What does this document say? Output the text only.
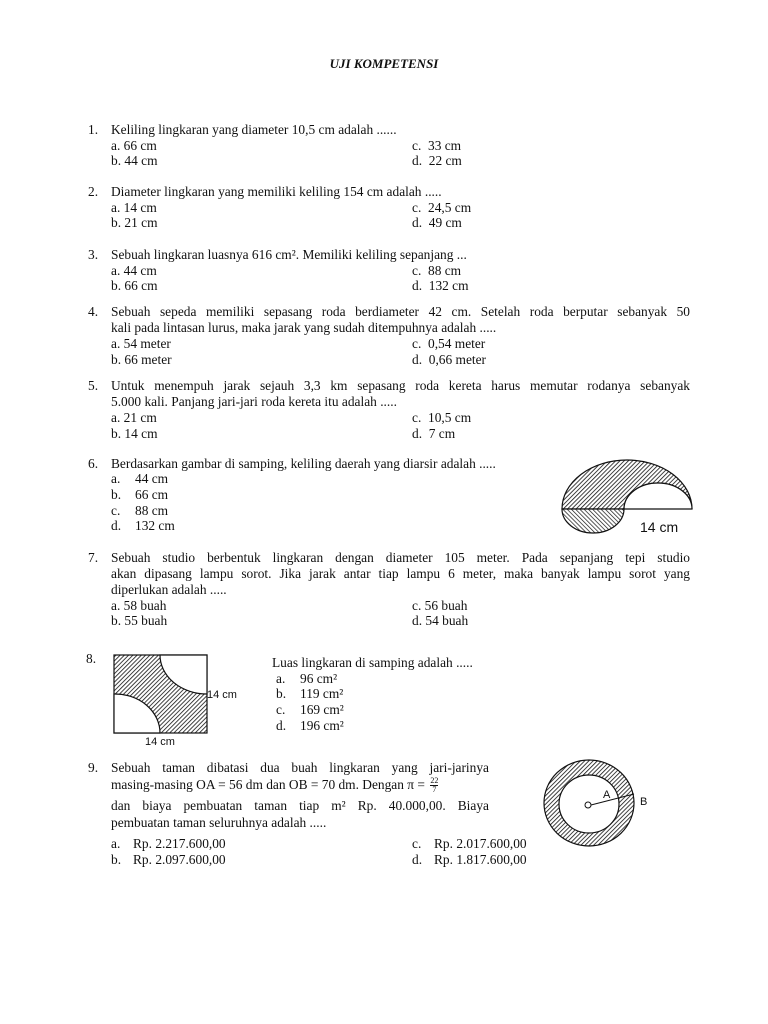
UJI KOMPETENSI
1. Keliling lingkaran yang diameter 10,5 cm adalah ......
a. 66 cm
b. 44 cm
c. 33 cm
d. 22 cm
2. Diameter lingkaran yang memiliki keliling 154 cm adalah .....
a. 14 cm
b. 21 cm
c. 24,5 cm
d. 49 cm
3. Sebuah lingkaran luasnya 616 cm². Memiliki keliling sepanjang ...
a. 44 cm
b. 66 cm
c. 88 cm
d. 132 cm
4. Sebuah sepeda memiliki sepasang roda berdiameter 42 cm. Setelah roda berputar sebanyak 50
kali pada lintasan lurus, maka jarak yang sudah ditempuhnya adalah .....
a. 54 meter
b. 66 meter
c. 0,54 meter
d. 0,66 meter
5. Untuk menempuh jarak sejauh 3,3 km sepasang roda kereta harus memutar rodanya sebanyak
5.000 kali. Panjang jari-jari roda kereta itu adalah .....
a. 21 cm
b. 14 cm
c. 10,5 cm
d. 7 cm
6. Berdasarkan gambar di samping, keliling daerah yang diarsir adalah .....
a. 44 cm
b. 66 cm
c. 88 cm
d. 132 cm	14 cm
7. Sebuah studio berbentuk lingkaran dengan diameter 105 meter. Pada sepanjang tepi studio
akan dipasang lampu sorot. Jika jarak antar tiap lampu 6 meter, maka banyak lampu sorot yang
diperlukan adalah .....
a. 58 buah
b. 55 buah
c. 56 buah
d. 54 buah
8.
14 cm
14 cm
Luas lingkaran di samping adalah .....
a. 96 cm²
b. 119 cm²
c. 169 cm²
d. 196 cm²
9. Sebuah taman dibatasi dua buah lingkaran yang jari-jarinya
masing-masing OA = 56 dm dan OB = 70 dm. Dengan $\pi = \frac{22}{7}$
dan biaya pembuatan taman tiap m² Rp. 40.000,00. Biaya
pembuatan taman seluruhnya adalah .....
a. Rp. 2.217.600,00
b. Rp. 2.097.600,00
c. Rp. 2.017.600,00
d. Rp. 1.817.600,00
A
B
